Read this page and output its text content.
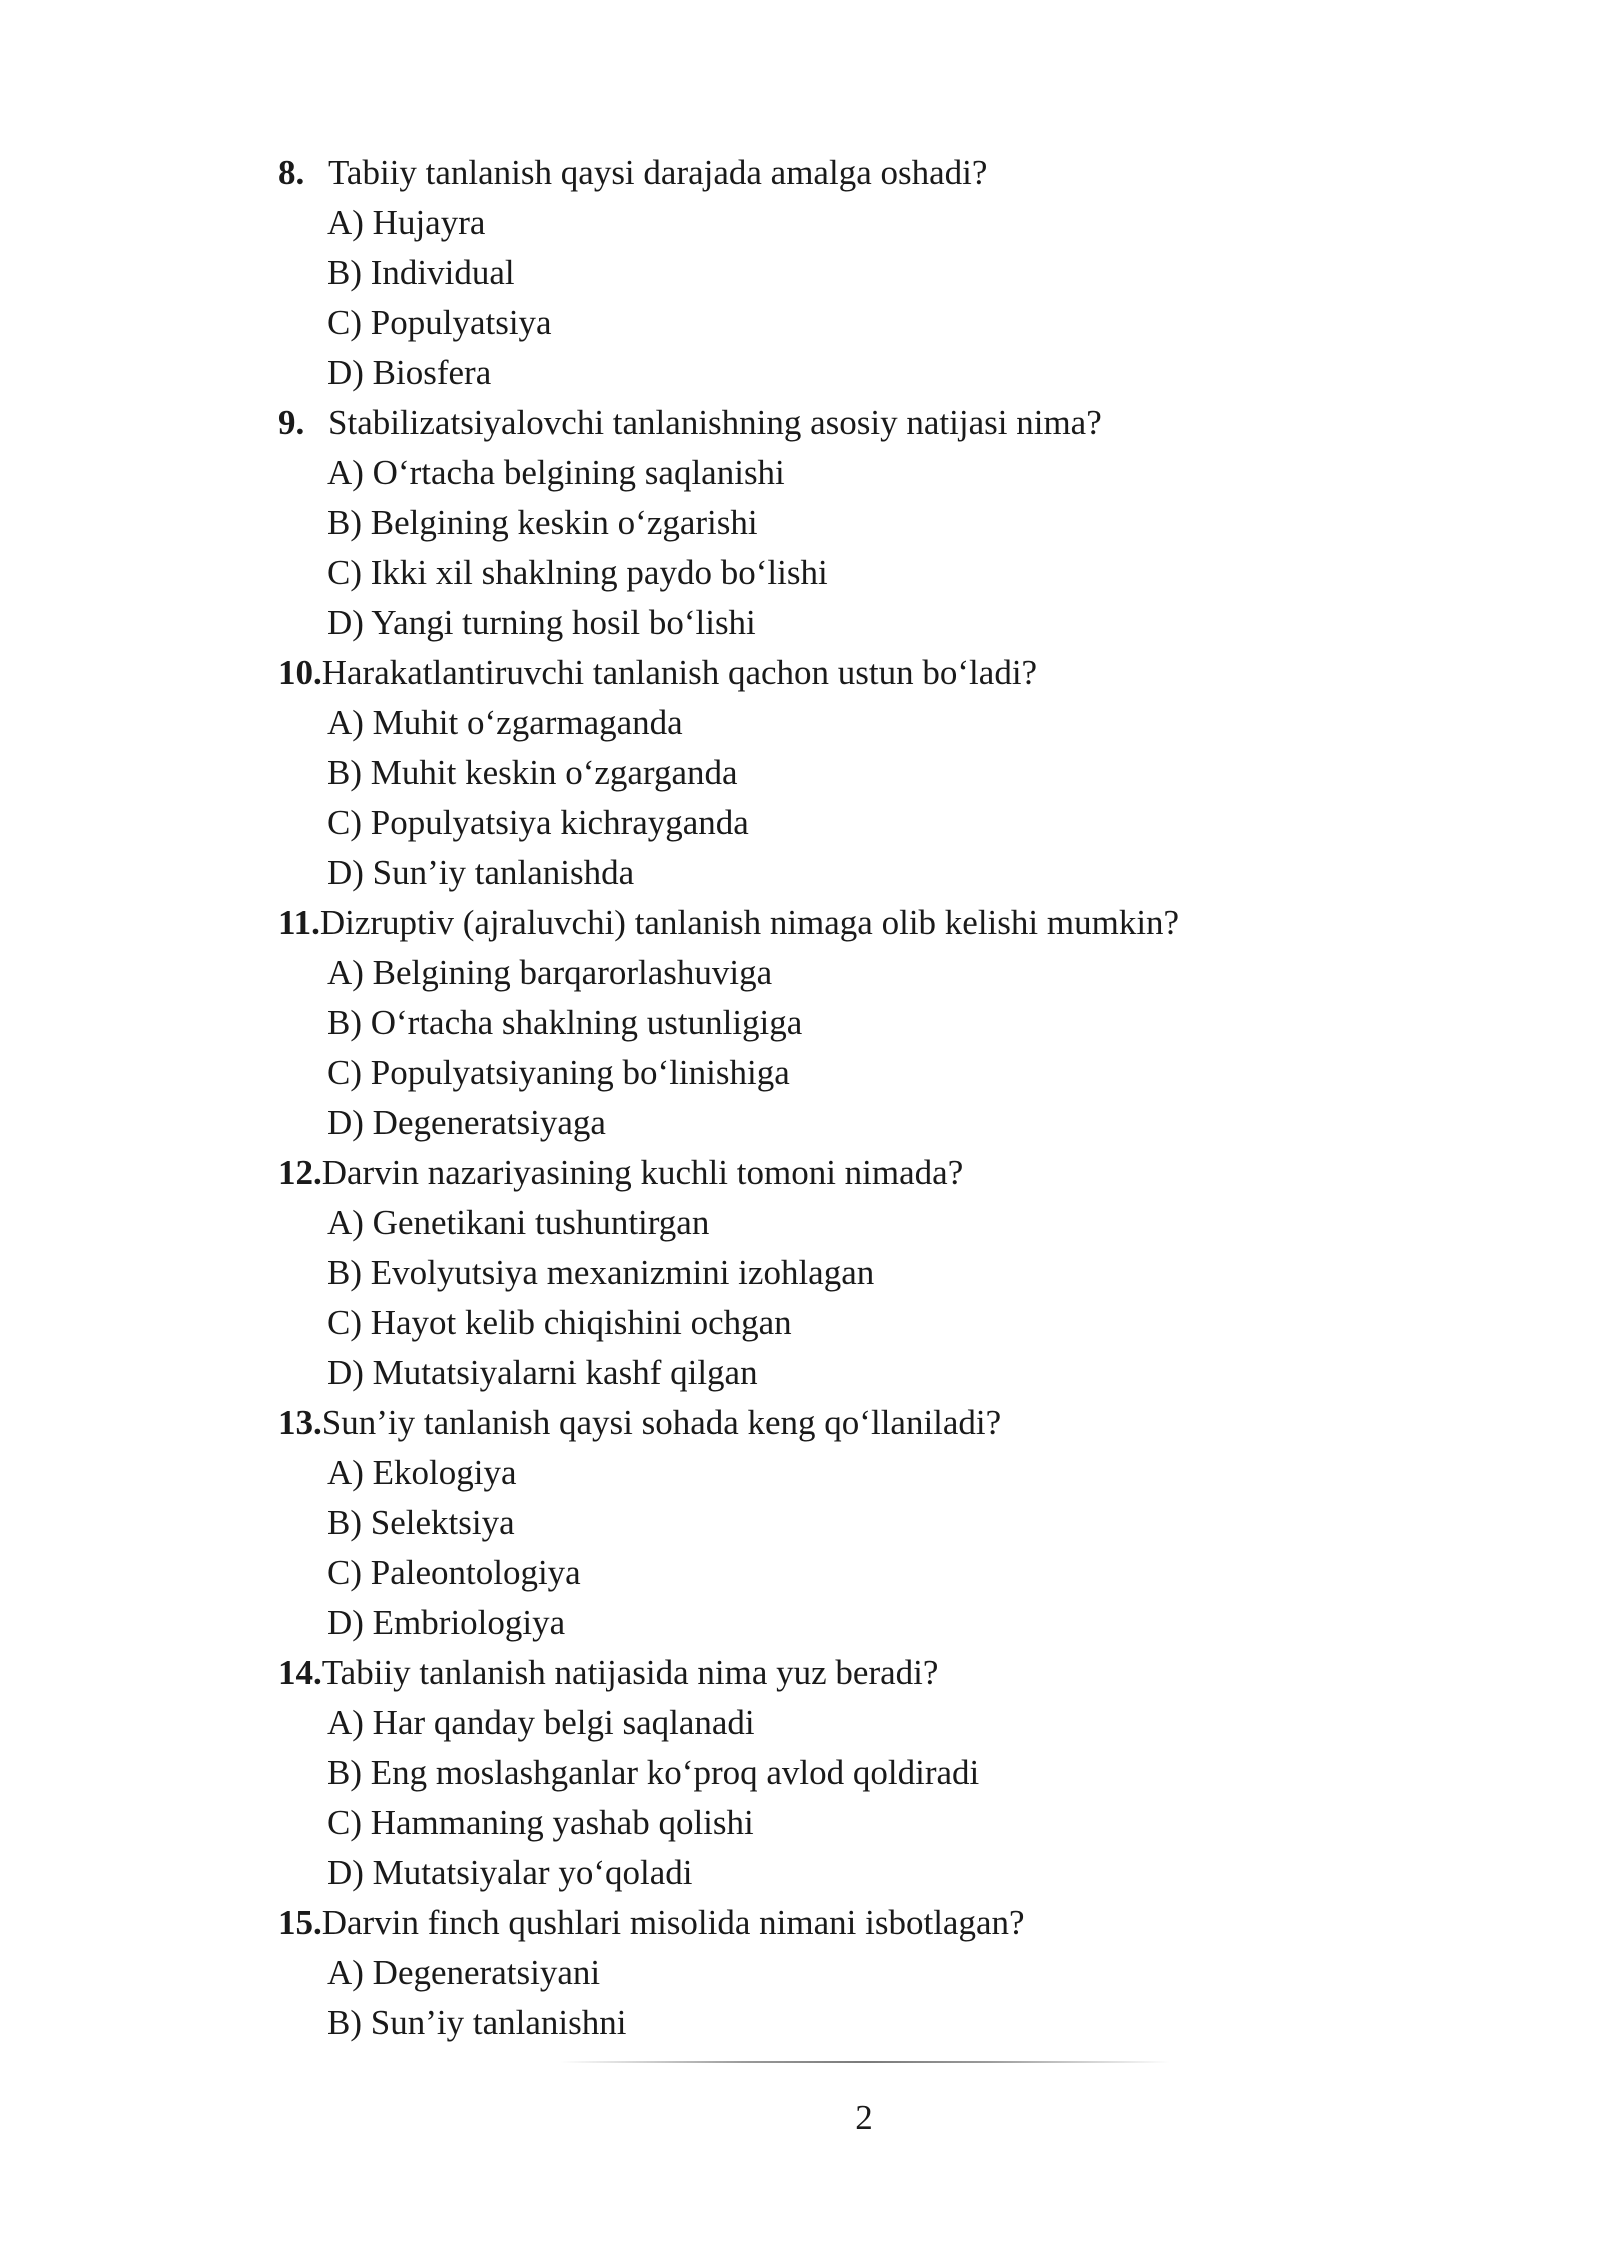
8. Tabiiy tanlanish qaysi darajada amalga oshadi?
A) Hujayra
B) Individual
C) Populyatsiya
D) Biosfera
9. Stabilizatsiyalovchi tanlanishning asosiy natijasi nima?
A) O‘rtacha belgining saqlanishi
B) Belgining keskin o‘zgarishi
C) Ikki xil shaklning paydo bo‘lishi
D) Yangi turning hosil bo‘lishi
10. Harakatlantiruvchi tanlanish qachon ustun bo‘ladi?
A) Muhit o‘zgarmaganda
B) Muhit keskin o‘zgarganda
C) Populyatsiya kichrayganda
D) Sun’iy tanlanishda
11. Dizruptiv (ajraluvchi) tanlanish nimaga olib kelishi mumkin?
A) Belgining barqarorlashuviga
B) O‘rtacha shaklning ustunligiga
C) Populyatsiyaning bo‘linishiga
D) Degeneratsiyaga
12. Darvin nazariyasining kuchli tomoni nimada?
A) Genetikani tushuntirgan
B) Evolyutsiya mexanizmini izohlagan
C) Hayot kelib chiqishini ochgan
D) Mutatsiyalarni kashf qilgan
13. Sun’iy tanlanish qaysi sohada keng qo‘llaniladi?
A) Ekologiya
B) Selektsiya
C) Paleontologiya
D) Embriologiya
14. Tabiiy tanlanish natijasida nima yuz beradi?
A) Har qanday belgi saqlanadi
B) Eng moslashganlar ko‘proq avlod qoldiradi
C) Hammaning yashab qolishi
D) Mutatsiyalar yo‘qoladi
15. Darvin finch qushlari misolida nimani isbotlagan?
A) Degeneratsiyani
B) Sun’iy tanlanishni
2
